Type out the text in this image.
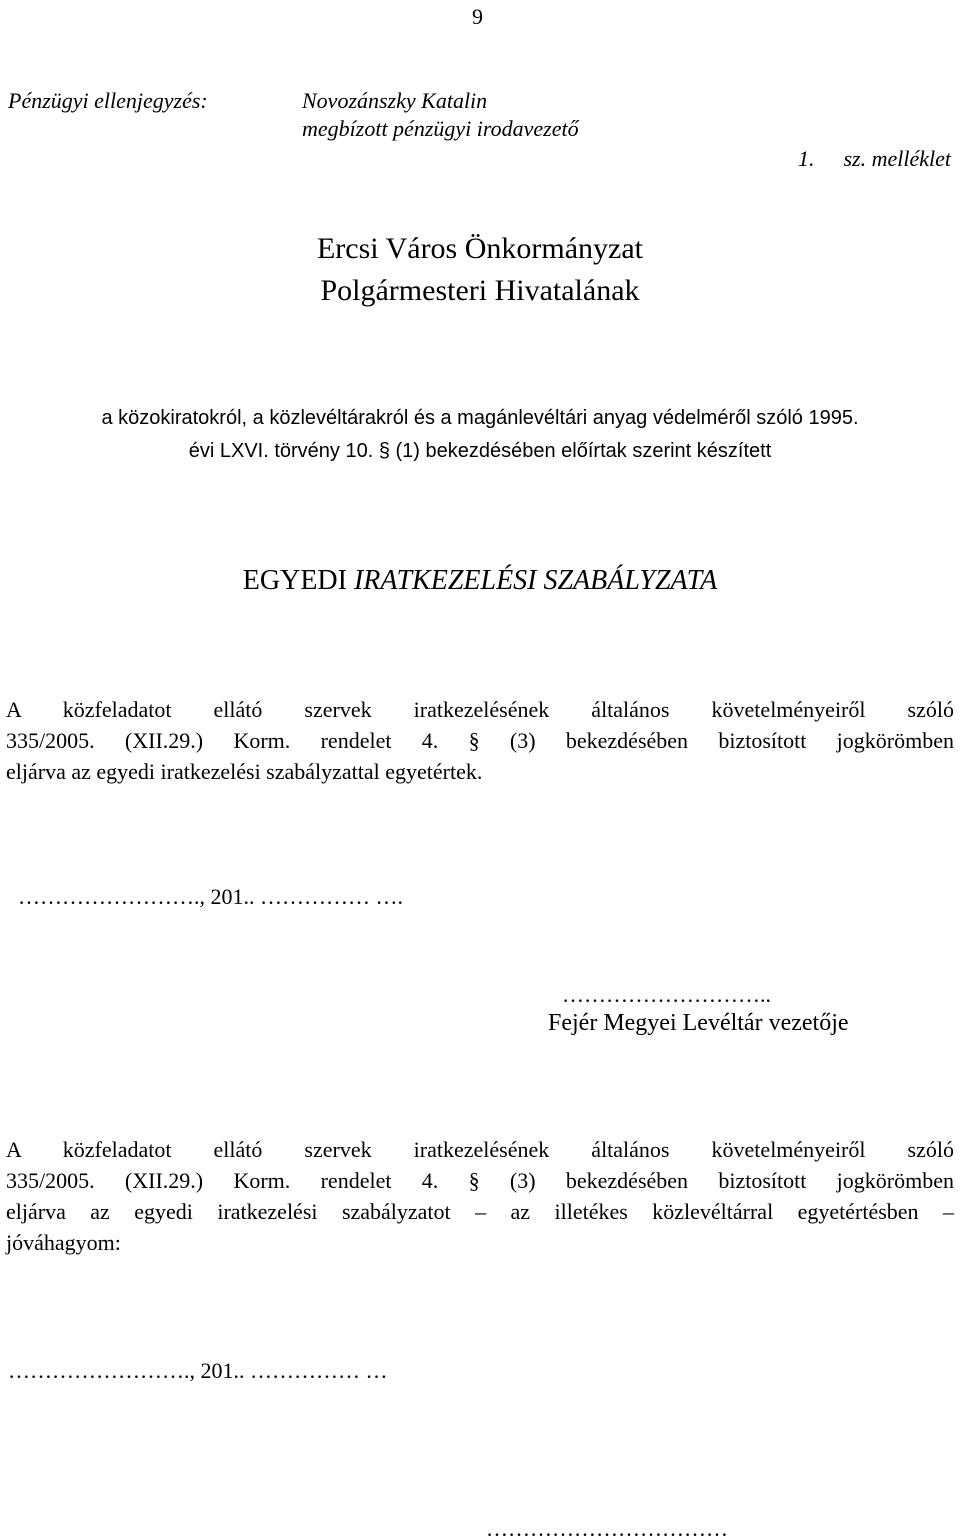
9
Pénzügyi ellenjegyzés:	Novozánszky Katalin
megbízott pénzügyi irodavezető
1. sz. melléklet
Ercsi Város Önkormányzat
Polgármesteri Hivatalának
a közokiratokról, a közlevéltárakról és a magánlevéltári anyag védelméről szóló 1995.
évi LXVI. törvény 10. § (1) bekezdésében előírtak szerint készített
EGYEDI IRATKEZELÉSI SZABÁLYZATA
A közfeladatot ellátó szervek iratkezelésének általános követelményeiről szóló
335/2005. (XII.29.) Korm. rendelet 4. § (3) bekezdésében biztosított jogkörömben
eljárva az egyedi iratkezelési szabályzattal egyetértek.
……………………., 201.. …………… ….
………………………..
Fejér Megyei Levéltár vezetője
A közfeladatot ellátó szervek iratkezelésének általános követelményeiről szóló
335/2005. (XII.29.) Korm. rendelet 4. § (3) bekezdésében biztosított jogkörömben
eljárva az egyedi iratkezelési szabályzatot – az illetékes közlevéltárral egyetértésben –
jóváhagyom:
……………………., 201.. …………… …
……………………………
